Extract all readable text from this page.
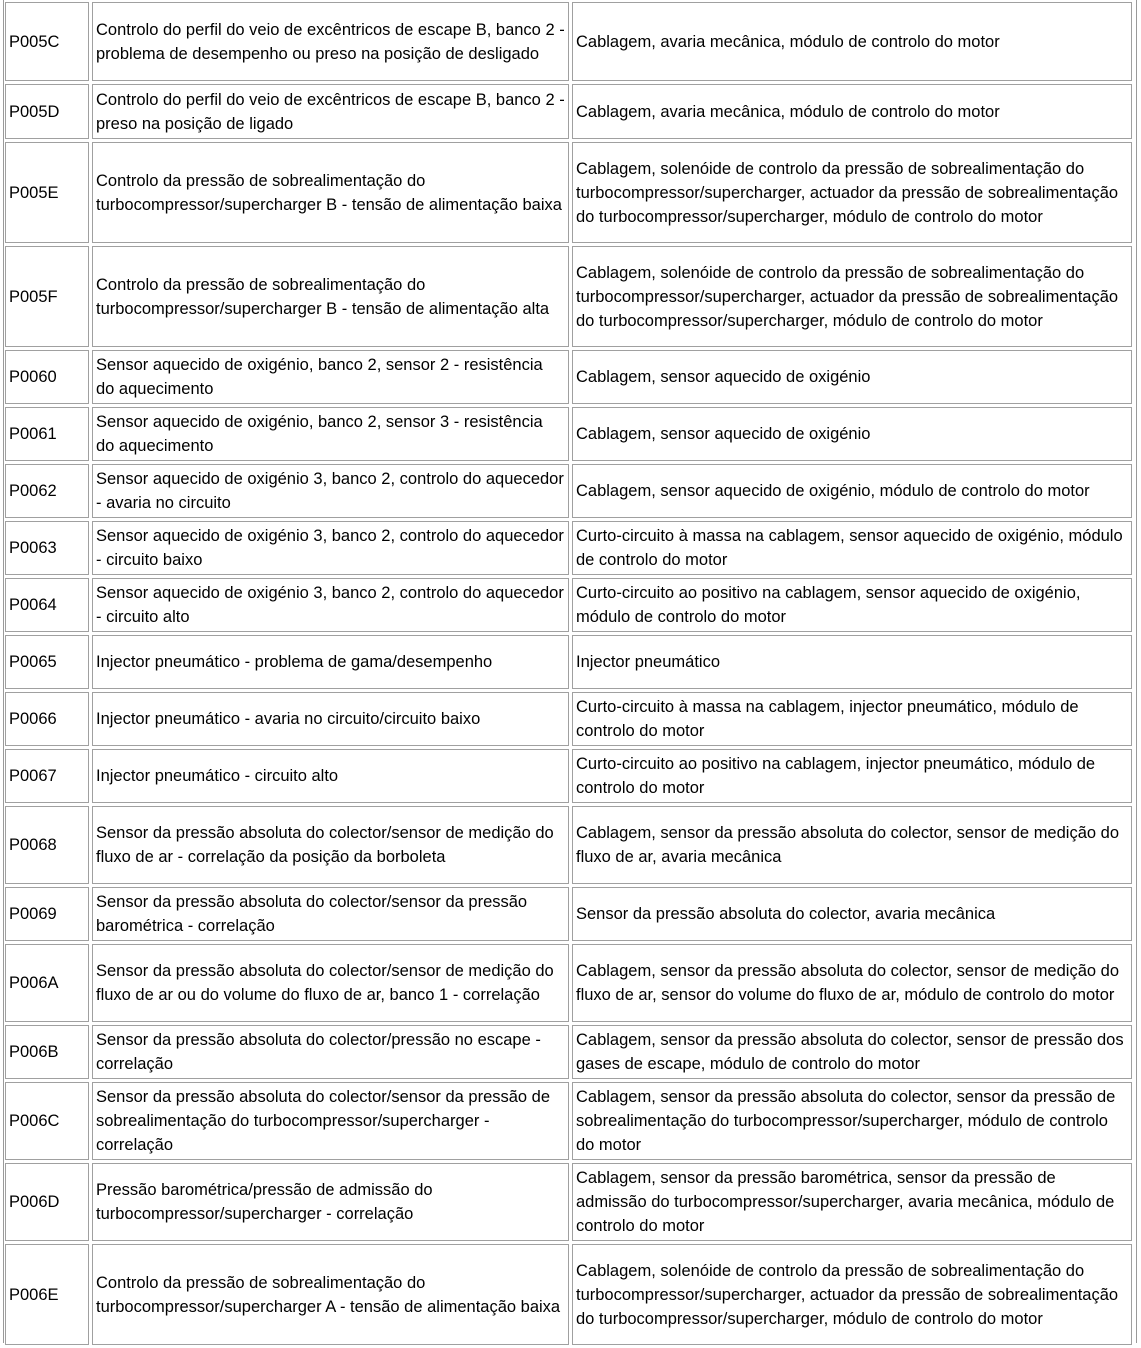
P005C	Controlo do perfil do veio de excêntricos de escape B, banco 2 - problema de desempenho ou preso na posição de desligado	Cablagem, avaria mecânica, módulo de controlo do motor
P005D	Controlo do perfil do veio de excêntricos de escape B, banco 2 - preso na posição de ligado	Cablagem, avaria mecânica, módulo de controlo do motor
P005E	Controlo da pressão de sobrealimentação do turbocompressor/supercharger B - tensão de alimentação baixa	Cablagem, solenóide de controlo da pressão de sobrealimentação do turbocompressor/supercharger, actuador da pressão de sobrealimentação do turbocompressor/supercharger, módulo de controlo do motor
P005F	Controlo da pressão de sobrealimentação do turbocompressor/supercharger B - tensão de alimentação alta	Cablagem, solenóide de controlo da pressão de sobrealimentação do turbocompressor/supercharger, actuador da pressão de sobrealimentação do turbocompressor/supercharger, módulo de controlo do motor
P0060	Sensor aquecido de oxigénio, banco 2, sensor 2 - resistência do aquecimento	Cablagem, sensor aquecido de oxigénio
P0061	Sensor aquecido de oxigénio, banco 2, sensor 3 - resistência do aquecimento	Cablagem, sensor aquecido de oxigénio
P0062	Sensor aquecido de oxigénio 3, banco 2, controlo do aquecedor - avaria no circuito	Cablagem, sensor aquecido de oxigénio, módulo de controlo do motor
P0063	Sensor aquecido de oxigénio 3, banco 2, controlo do aquecedor - circuito baixo	Curto-circuito à massa na cablagem, sensor aquecido de oxigénio, módulo de controlo do motor
P0064	Sensor aquecido de oxigénio 3, banco 2, controlo do aquecedor - circuito alto	Curto-circuito ao positivo na cablagem, sensor aquecido de oxigénio, módulo de controlo do motor
P0065	Injector pneumático - problema de gama/desempenho	Injector pneumático
P0066	Injector pneumático - avaria no circuito/circuito baixo	Curto-circuito à massa na cablagem, injector pneumático, módulo de controlo do motor
P0067	Injector pneumático - circuito alto	Curto-circuito ao positivo na cablagem, injector pneumático, módulo de controlo do motor
P0068	Sensor da pressão absoluta do colector/sensor de medição do fluxo de ar - correlação da posição da borboleta	Cablagem, sensor da pressão absoluta do colector, sensor de medição do fluxo de ar, avaria mecânica
P0069	Sensor da pressão absoluta do colector/sensor da pressão barométrica - correlação	Sensor da pressão absoluta do colector, avaria mecânica
P006A	Sensor da pressão absoluta do colector/sensor de medição do fluxo de ar ou do volume do fluxo de ar, banco 1 - correlação	Cablagem, sensor da pressão absoluta do colector, sensor de medição do fluxo de ar, sensor do volume do fluxo de ar, módulo de controlo do motor
P006B	Sensor da pressão absoluta do colector/pressão no escape - correlação	Cablagem, sensor da pressão absoluta do colector, sensor de pressão dos gases de escape, módulo de controlo do motor
P006C	Sensor da pressão absoluta do colector/sensor da pressão de sobrealimentação do turbocompressor/supercharger - correlação	Cablagem, sensor da pressão absoluta do colector, sensor da pressão de sobrealimentação do turbocompressor/supercharger, módulo de controlo do motor
P006D	Pressão barométrica/pressão de admissão do turbocompressor/supercharger - correlação	Cablagem, sensor da pressão barométrica, sensor da pressão de admissão do turbocompressor/supercharger, avaria mecânica, módulo de controlo do motor
P006E	Controlo da pressão de sobrealimentação do turbocompressor/supercharger A - tensão de alimentação baixa	Cablagem, solenóide de controlo da pressão de sobrealimentação do turbocompressor/supercharger, actuador da pressão de sobrealimentação do turbocompressor/supercharger, módulo de controlo do motor
